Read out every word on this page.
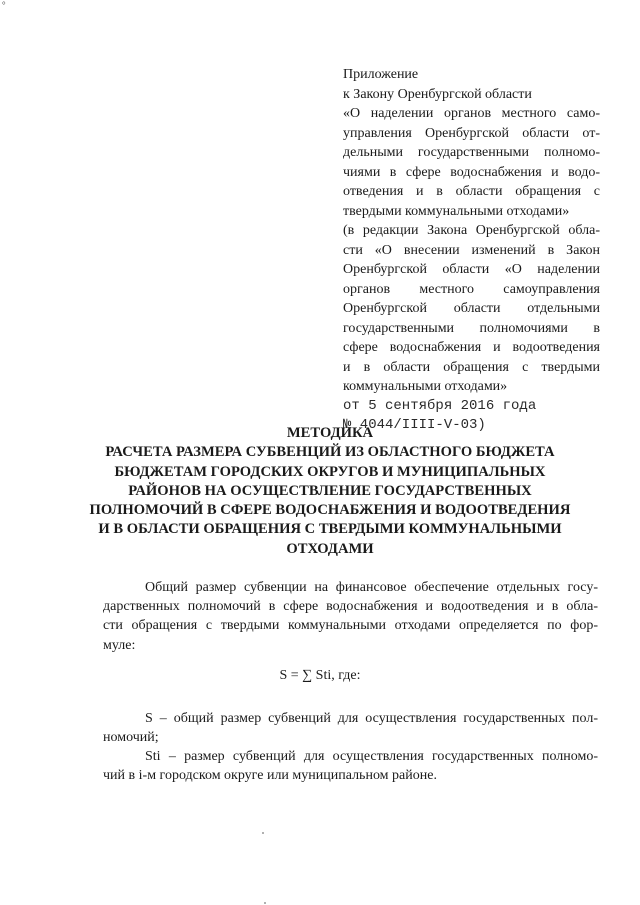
°
Приложение
к Закону Оренбургской области
«О наделении органов местного само-
управления Оренбургской области от-
дельными государственными полномо-
чиями в сфере водоснабжения и водо-
отведения и в области обращения с
твердыми коммунальными отходами»
(в редакции Закона Оренбургской обла-
сти «О внесении изменений в Закон
Оренбургской области «О наделении
органов местного самоуправления
Оренбургской области отдельными
государственными полномочиями в
сфере водоснабжения и водоотведения
и в области обращения с твердыми
коммунальными отходами»
от 5 сентября 2016 года
№ 4044/IIII-V-03)
МЕТОДИКА
РАСЧЕТА РАЗМЕРА СУБВЕНЦИЙ ИЗ ОБЛАСТНОГО БЮДЖЕТА
БЮДЖЕТАМ ГОРОДСКИХ ОКРУГОВ И МУНИЦИПАЛЬНЫХ
РАЙОНОВ НА ОСУЩЕСТВЛЕНИЕ ГОСУДАРСТВЕННЫХ
ПОЛНОМОЧИЙ В СФЕРЕ ВОДОСНАБЖЕНИЯ И ВОДООТВЕДЕНИЯ
И В ОБЛАСТИ ОБРАЩЕНИЯ С ТВЕРДЫМИ КОММУНАЛЬНЫМИ
ОТХОДАМИ
Общий размер субвенции на финансовое обеспечение отдельных госу-
дарственных полномочий в сфере водоснабжения и водоотведения и в обла-
сти обращения с твердыми коммунальными отходами определяется по фор-
муле:
S = ∑ Sti, где:
S – общий размер субвенций для осуществления государственных пол-
номочий;
Sti – размер субвенций для осуществления государственных полномо-
чий в i-м городском округе или муниципальном районе.
